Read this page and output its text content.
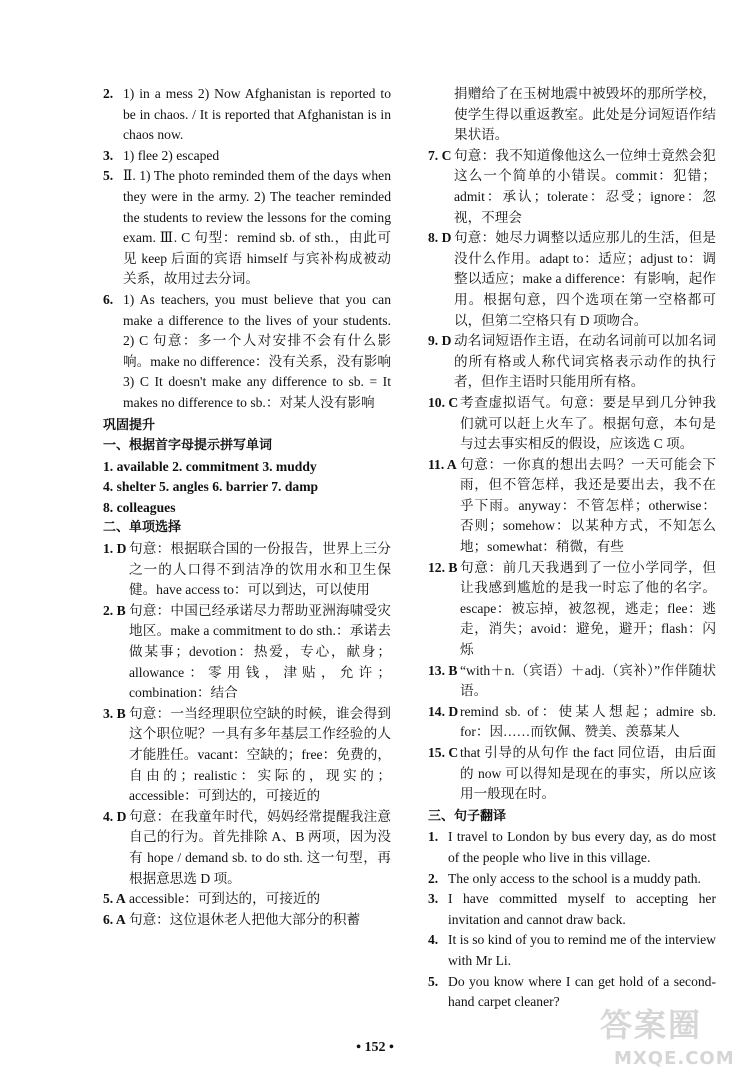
2. 1) in a mess 2) Now Afghanistan is reported to be in chaos. / It is reported that Afghanistan is in chaos now.
3. 1) flee 2) escaped
5. Ⅱ. 1) The photo reminded them of the days when they were in the army. 2) The teacher reminded the students to review the lessons for the coming exam. Ⅲ. C 句型：remind sb. of sth.，由此可见 keep 后面的宾语 himself 与宾补构成被动关系，故用过去分词。
6. 1) As teachers, you must believe that you can make a difference to the lives of your students. 2) C 句意：多一个人对安排不会有什么影响。make no difference：没有关系，没有影响 3) C It doesn't make any difference to sb. = It makes no difference to sb.：对某人没有影响
巩固提升
一、根据首字母提示拼写单词
1. available 2. commitment 3. muddy
4. shelter 5. angles 6. barrier 7. damp
8. colleagues
二、单项选择
1. D 句意：根据联合国的一份报告，世界上三分之一的人口得不到洁净的饮用水和卫生保健。have access to：可以到达，可以使用
2. B 句意：中国已经承诺尽力帮助亚洲海啸受灾地区。make a commitment to do sth.：承诺去做某事；devotion：热爱，专心，献身；allowance：零用钱，津贴，允许；combination：结合
3. B 句意：一当经理职位空缺的时候，谁会得到这个职位呢？一具有多年基层工作经验的人才能胜任。vacant：空缺的；free：免费的，自由的；realistic：实际的，现实的；accessible：可到达的，可接近的
4. D 句意：在我童年时代，妈妈经常提醒我注意自己的行为。首先排除 A、B 两项，因为没有 hope / demand sb. to do sth. 这一句型，再根据意思选 D 项。
5. A accessible：可到达的，可接近的
6. A 句意：这位退休老人把他大部分的积蓄
捐赠给了在玉树地震中被毁坏的那所学校，使学生得以重返教室。此处是分词短语作结果状语。
7. C 句意：我不知道像他这么一位绅士竟然会犯这么一个简单的小错误。commit：犯错；admit：承认；tolerate：忍受；ignore：忽视，不理会
8. D 句意：她尽力调整以适应那儿的生活，但是没什么作用。adapt to：适应；adjust to：调整以适应；make a difference：有影响，起作用。根据句意，四个选项在第一空格都可以，但第二空格只有 D 项吻合。
9. D 动名词短语作主语，在动名词前可以加名词的所有格或人称代词宾格表示动作的执行者，但作主语时只能用所有格。
10. C 考查虚拟语气。句意：要是早到几分钟我们就可以赶上火车了。根据句意，本句是与过去事实相反的假设，应该选 C 项。
11. A 句意：一你真的想出去吗？一天可能会下雨，但不管怎样，我还是要出去，我不在乎下雨。anyway：不管怎样；otherwise：否则；somehow：以某种方式，不知怎么地；somewhat：稍微，有些
12. B 句意：前几天我遇到了一位小学同学，但让我感到尴尬的是我一时忘了他的名字。escape：被忘掉，被忽视，逃走；flee：逃走，消失；avoid：避免，避开；flash：闪烁
13. B “with＋n.（宾语）＋adj.（宾补）”作伴随状语。
14. D remind sb. of：使某人想起；admire sb. for：因……而钦佩、赞美、羡慕某人
15. C that 引导的从句作 the fact 同位语，由后面的 now 可以得知是现在的事实，所以应该用一般现在时。
三、句子翻译
1. I travel to London by bus every day, as do most of the people who live in this village.
2. The only access to the school is a muddy path.
3. I have committed myself to accepting her invitation and cannot draw back.
4. It is so kind of you to remind me of the interview with Mr Li.
5. Do you know where I can get hold of a second-hand carpet cleaner?
• 152 •
答案圈
MXQE.COM
